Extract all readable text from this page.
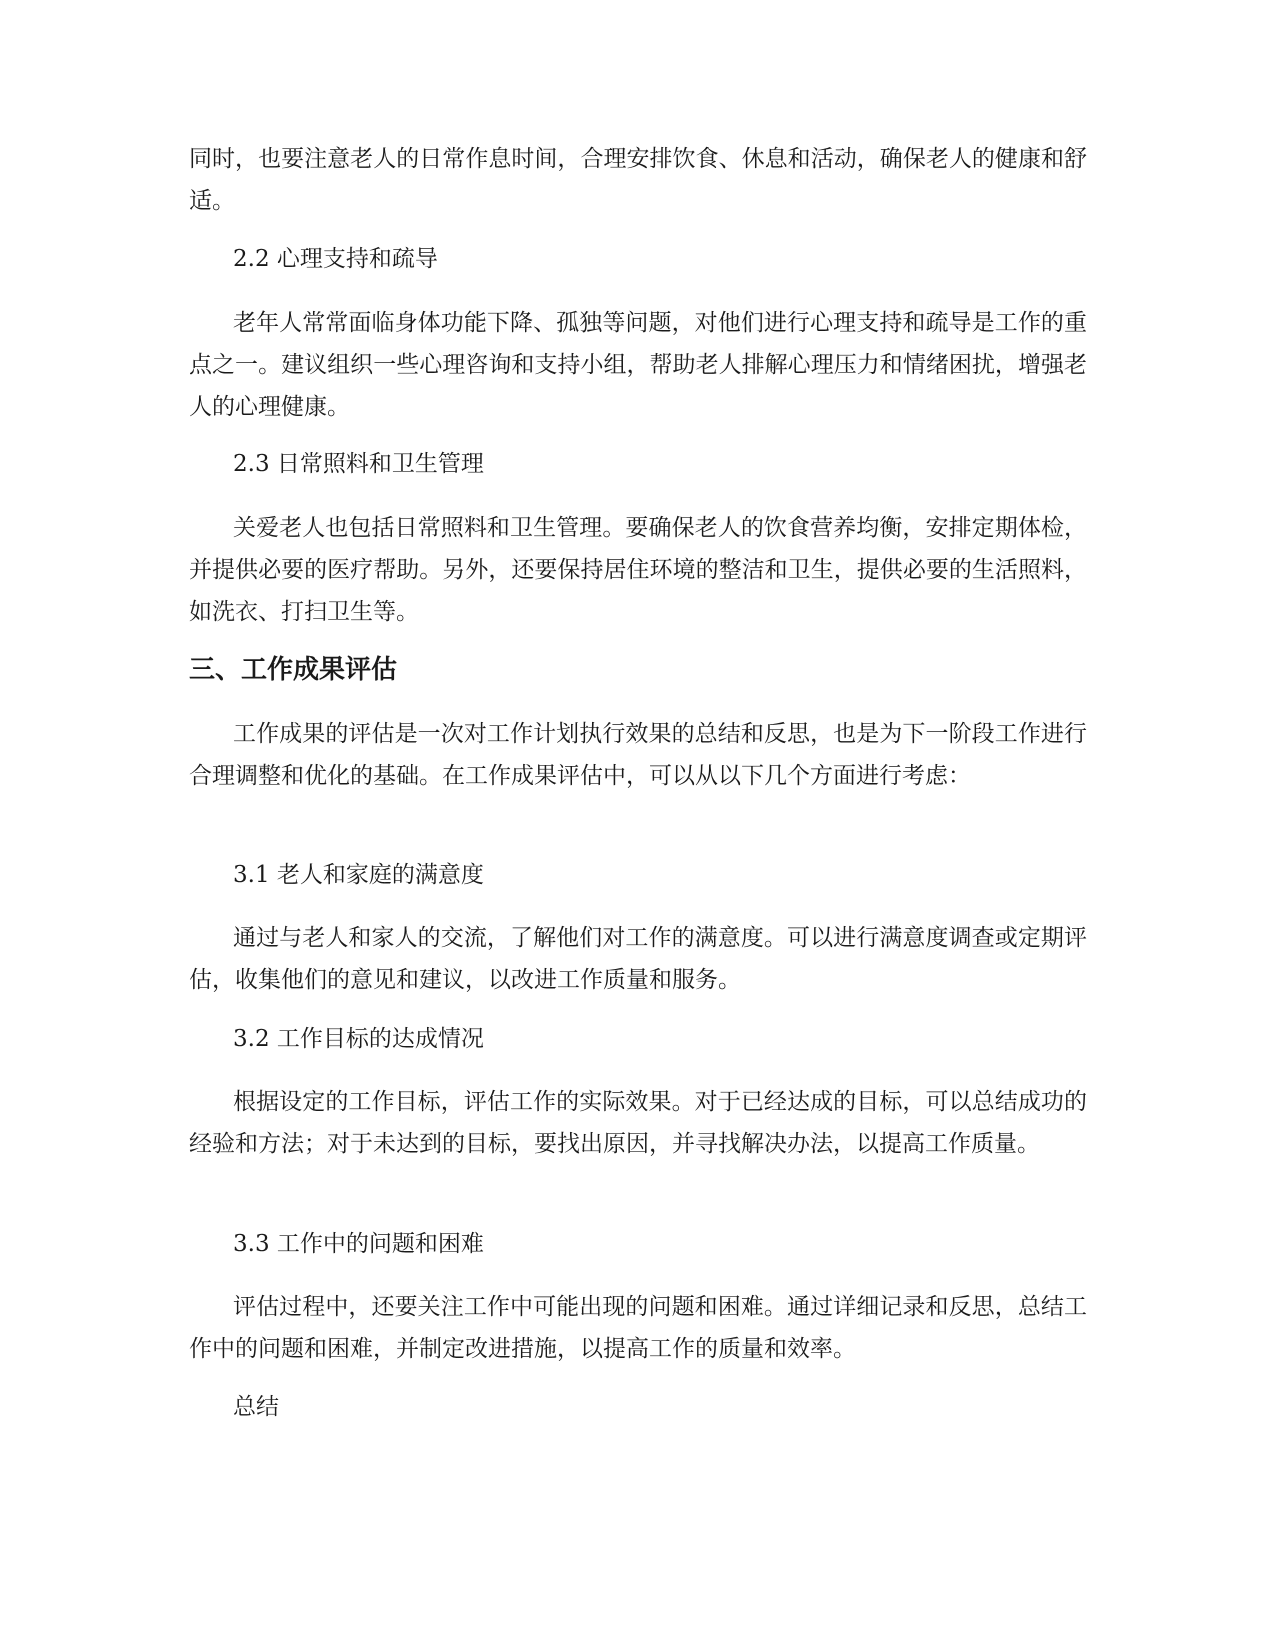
同时，也要注意老人的日常作息时间，合理安排饮食、休息和活动，确保老人的健康和舒适。

2.2 心理支持和疏导

老年人常常面临身体功能下降、孤独等问题，对他们进行心理支持和疏导是工作的重点之一。建议组织一些心理咨询和支持小组，帮助老人排解心理压力和情绪困扰，增强老人的心理健康。

2.3 日常照料和卫生管理

关爱老人也包括日常照料和卫生管理。要确保老人的饮食营养均衡，安排定期体检，并提供必要的医疗帮助。另外，还要保持居住环境的整洁和卫生，提供必要的生活照料，如洗衣、打扫卫生等。

三、工作成果评估

工作成果的评估是一次对工作计划执行效果的总结和反思，也是为下一阶段工作进行合理调整和优化的基础。在工作成果评估中，可以从以下几个方面进行考虑：

3.1 老人和家庭的满意度

通过与老人和家人的交流，了解他们对工作的满意度。可以进行满意度调查或定期评估，收集他们的意见和建议，以改进工作质量和服务。

3.2 工作目标的达成情况

根据设定的工作目标，评估工作的实际效果。对于已经达成的目标，可以总结成功的经验和方法；对于未达到的目标，要找出原因，并寻找解决办法，以提高工作质量。

3.3 工作中的问题和困难

评估过程中，还要关注工作中可能出现的问题和困难。通过详细记录和反思，总结工作中的问题和困难，并制定改进措施，以提高工作的质量和效率。

总结
